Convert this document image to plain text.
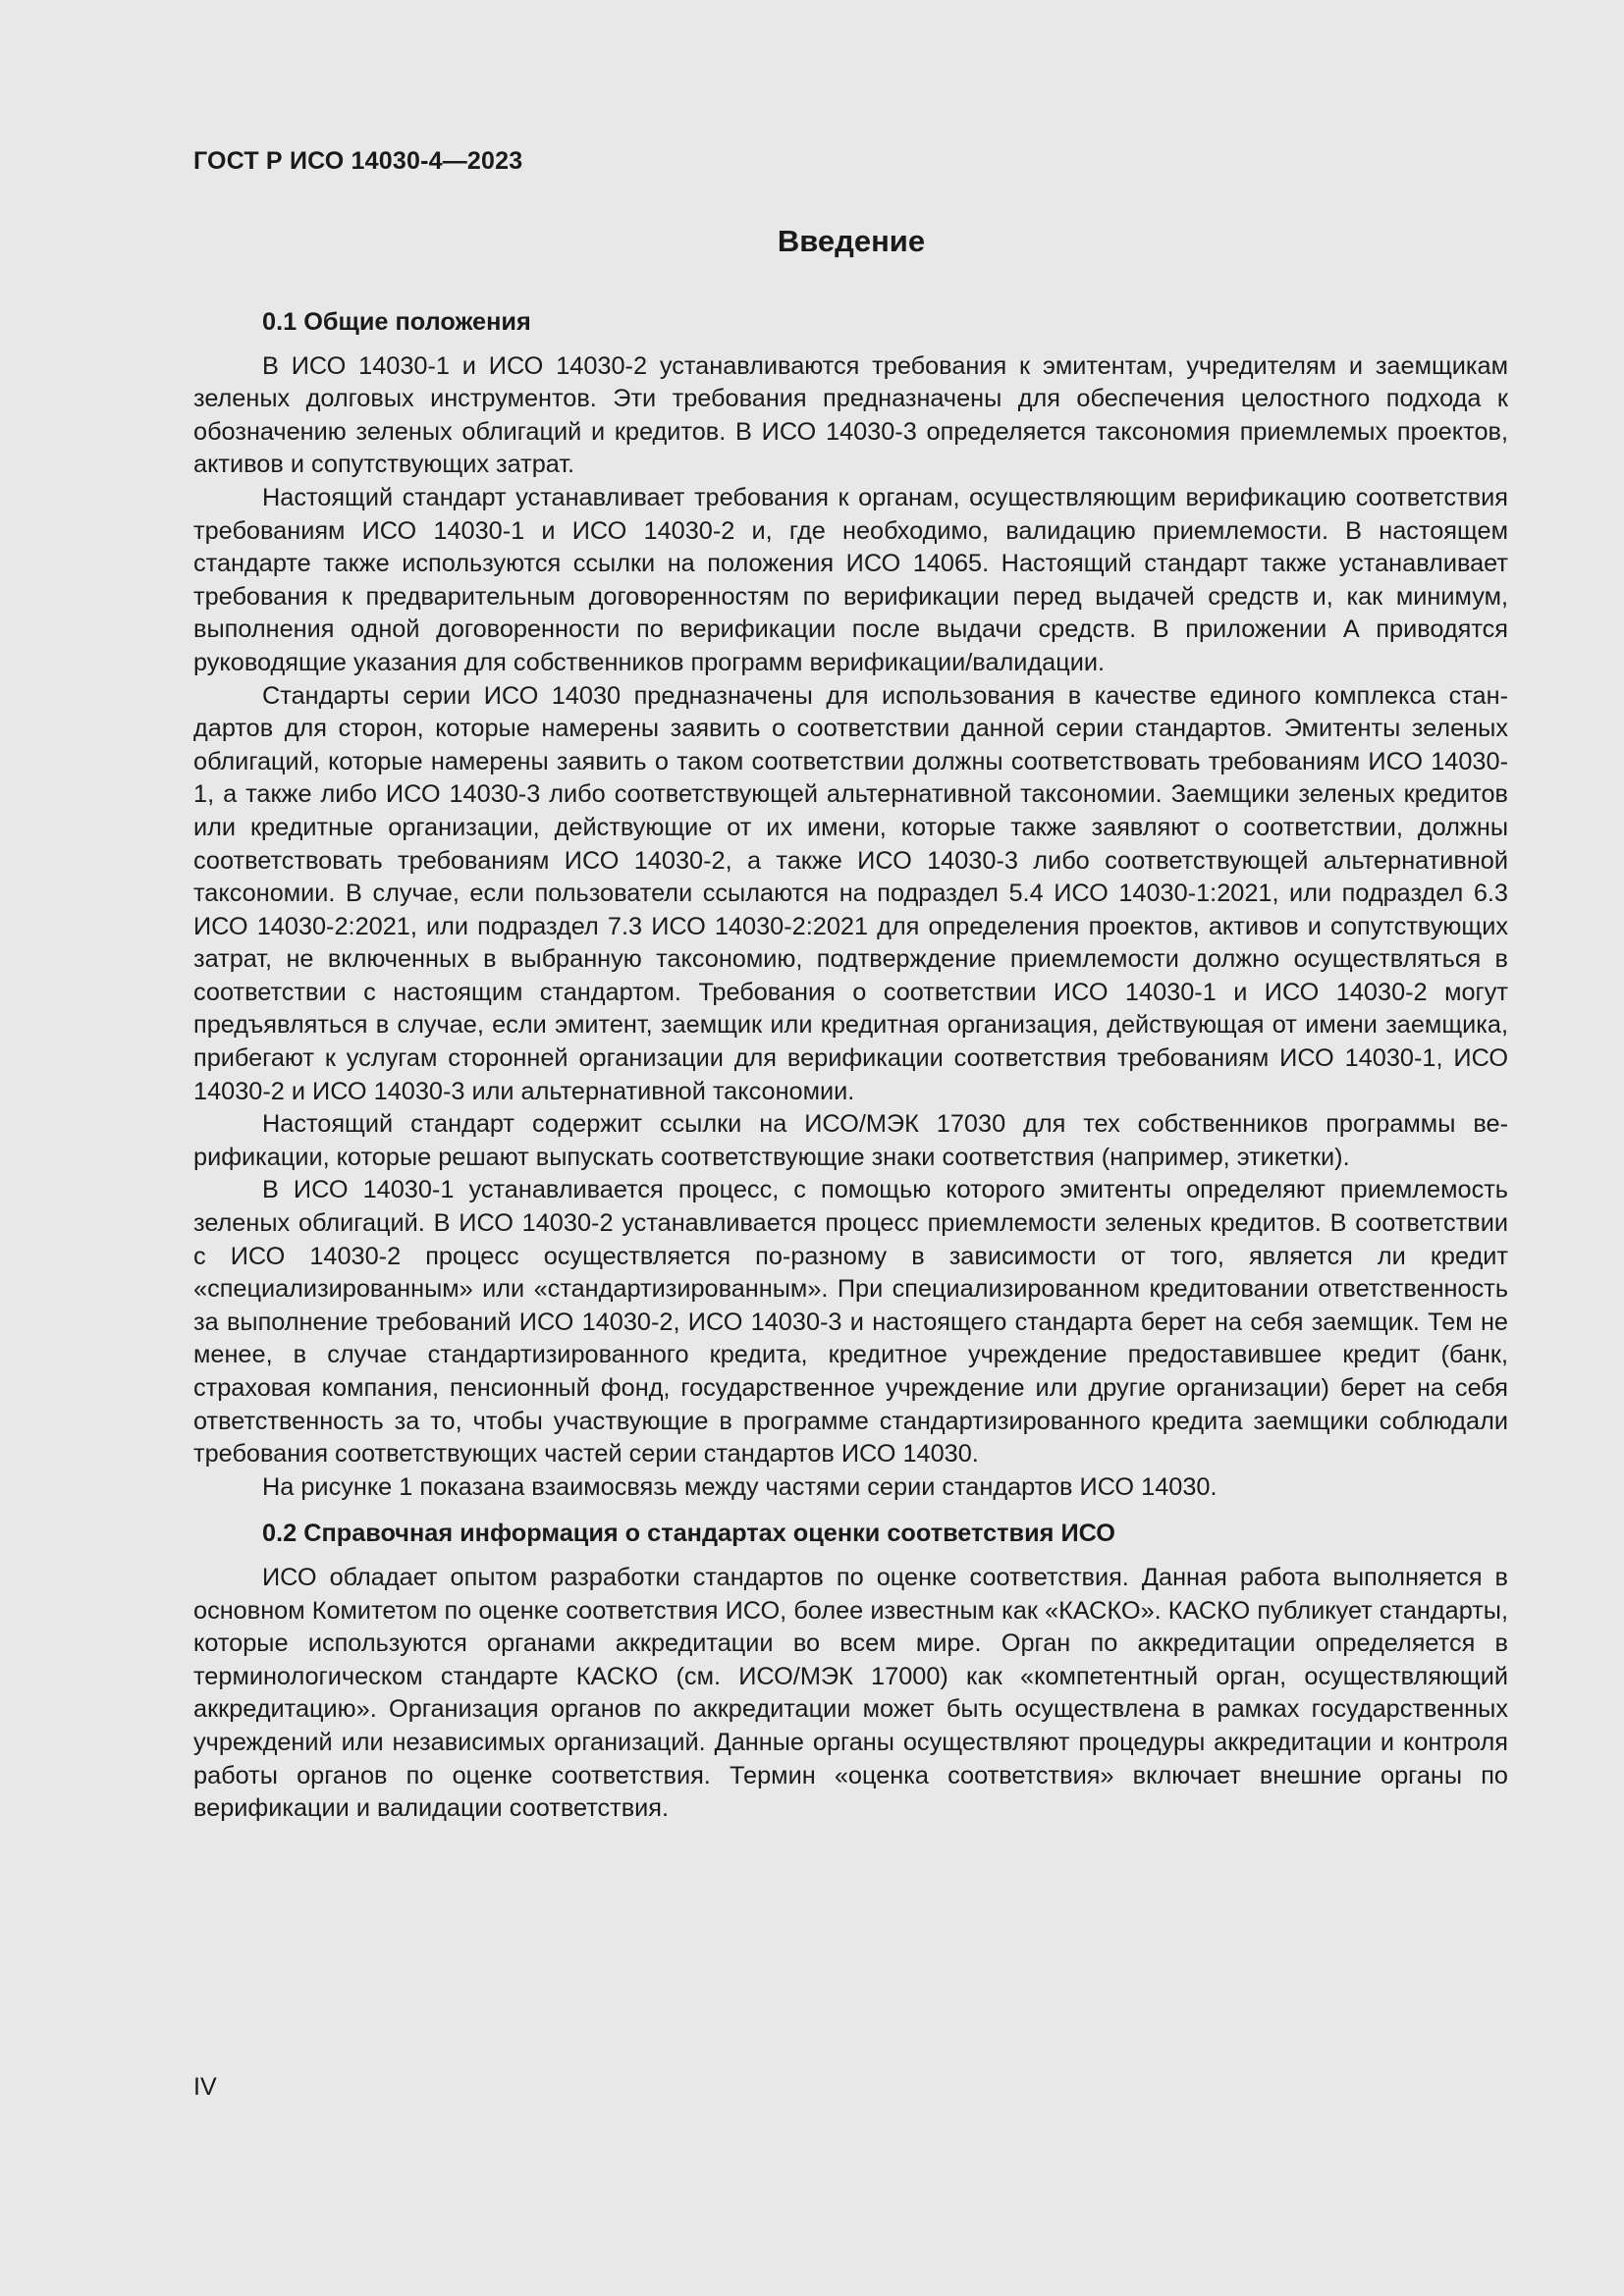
ГОСТ Р ИСО 14030-4—2023
Введение
0.1 Общие положения

В ИСО 14030-1 и ИСО 14030-2 устанавливаются требования к эмитентам, учредителям и заемщикам зеленых долговых инструментов. Эти требования предназначены для обеспечения целостного подхода к обозначению зеленых облигаций и кредитов. В ИСО 14030-3 определяется таксономия приемлемых проектов, активов и сопутствующих затрат.

Настоящий стандарт устанавливает требования к органам, осуществляющим верификацию соответствия требованиям ИСО 14030-1 и ИСО 14030-2 и, где необходимо, валидацию приемлемости. В настоящем стандарте также используются ссылки на положения ИСО 14065. Настоящий стандарт также устанавливает требования к предварительным договоренностям по верификации перед выдачей средств и, как минимум, выполнения одной договоренности по верификации после выдачи средств. В приложении А приводятся руководящие указания для собственников программ верификации/валидации.

Стандарты серии ИСО 14030 предназначены для использования в качестве единого комплекса стандартов для сторон, которые намерены заявить о соответствии данной серии стандартов. Эмитенты зеленых облигаций, которые намерены заявить о таком соответствии должны соответствовать требованиям ИСО 14030-1, а также либо ИСО 14030-3 либо соответствующей альтернативной таксономии. Заемщики зеленых кредитов или кредитные организации, действующие от их имени, которые также заявляют о соответствии, должны соответствовать требованиям ИСО 14030-2, а также ИСО 14030-3 либо соответствующей альтернативной таксономии. В случае, если пользователи ссылаются на подраздел 5.4 ИСО 14030-1:2021, или подраздел 6.3 ИСО 14030-2:2021, или подраздел 7.3 ИСО 14030-2:2021 для определения проектов, активов и сопутствующих затрат, не включенных в выбранную таксономию, подтверждение приемлемости должно осуществляться в соответствии с настоящим стандартом. Требования о соответствии ИСО 14030-1 и ИСО 14030-2 могут предъявляться в случае, если эмитент, заемщик или кредитная организация, действующая от имени заемщика, прибегают к услугам сторонней организации для верификации соответствия требованиям ИСО 14030-1, ИСО 14030-2 и ИСО 14030-3 или альтернативной таксономии.

Настоящий стандарт содержит ссылки на ИСО/МЭК 17030 для тех собственников программы верификации, которые решают выпускать соответствующие знаки соответствия (например, этикетки).

В ИСО 14030-1 устанавливается процесс, с помощью которого эмитенты определяют приемлемость зеленых облигаций. В ИСО 14030-2 устанавливается процесс приемлемости зеленых кредитов. В соответствии с ИСО 14030-2 процесс осуществляется по-разному в зависимости от того, является ли кредит «специализированным» или «стандартизированным». При специализированном кредитовании ответственность за выполнение требований ИСО 14030-2, ИСО 14030-3 и настоящего стандарта берет на себя заемщик. Тем не менее, в случае стандартизированного кредита, кредитное учреждение предоставившее кредит (банк, страховая компания, пенсионный фонд, государственное учреждение или другие организации) берет на себя ответственность за то, чтобы участвующие в программе стандартизированного кредита заемщики соблюдали требования соответствующих частей серии стандартов ИСО 14030.

На рисунке 1 показана взаимосвязь между частями серии стандартов ИСО 14030.

0.2 Справочная информация о стандартах оценки соответствия ИСО

ИСО обладает опытом разработки стандартов по оценке соответствия. Данная работа выполняется в основном Комитетом по оценке соответствия ИСО, более известным как «КАСКО». КАСКО публикует стандарты, которые используются органами аккредитации во всем мире. Орган по аккредитации определяется в терминологическом стандарте КАСКО (см. ИСО/МЭК 17000) как «компетентный орган, осуществляющий аккредитацию». Организация органов по аккредитации может быть осуществлена в рамках государственных учреждений или независимых организаций. Данные органы осуществляют процедуры аккредитации и контроля работы органов по оценке соответствия. Термин «оценка соответствия» включает внешние органы по верификации и валидации соответствия.

IV
